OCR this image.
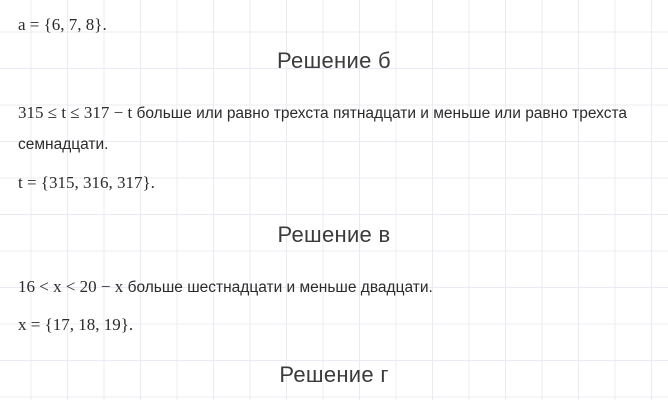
a = {6, 7, 8}.
Решение б
315 ≤ t ≤ 317 − t больше или равно трехста пятнадцати и меньше или равно трехста семнадцати.
t = {315, 316, 317}.
Решение в
16 < x < 20 − x больше шестнадцати и меньше двадцати.
x = {17, 18, 19}.
Решение г
